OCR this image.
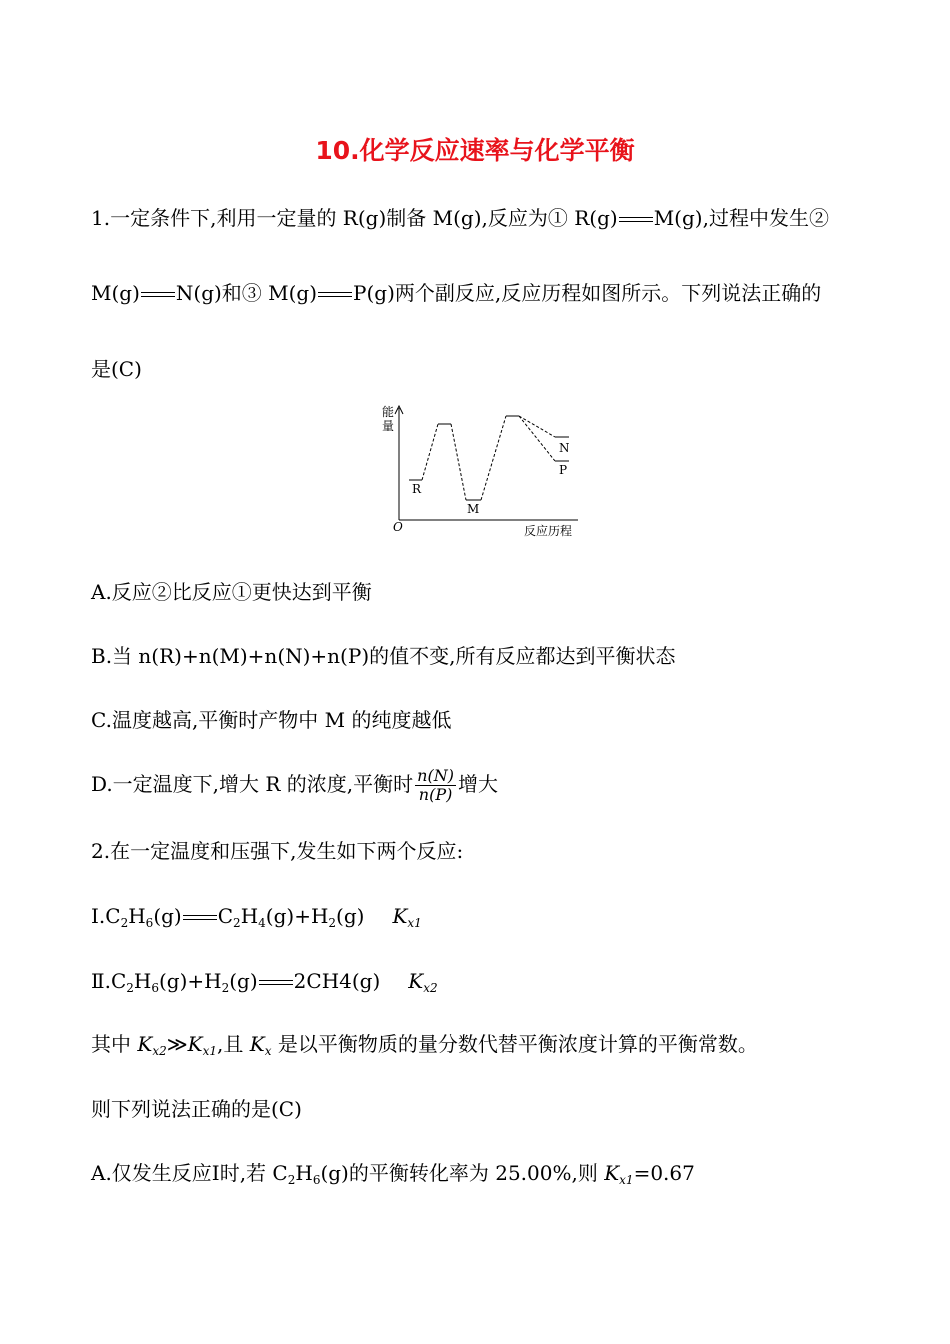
10.化学反应速率与化学平衡
1.一定条件下,利用一定量的 R(g)制备 M(g),反应为① R(g) M(g),过程中发生②
M(g) N(g)和③ M(g) P(g)两个副反应,反应历程如图所示。下列说法正确的
是(C)
能
量
O	反应历程
R
M
N
P
A.反应②比反应①更快达到平衡
B.当 n(R)+n(M)+n(N)+n(P)的值不变,所有反应都达到平衡状态
C.温度越高,平衡时产物中 M 的纯度越低
D.一定温度下,增大 R 的浓度,平衡时 $\frac{n(N)}{n(P)}$ 增大
2.在一定温度和压强下,发生如下两个反应:
$Ⅰ.C_2H_6(g)$ $C_2H_4(g)+H_2(g)$ $K_{x1}$
$Ⅱ.C_2H_6(g)+H_2(g)$ 2CH4(g) $K_{x2}$
其中 $K_{x2}≫K_{x1}$,且 $K_x$ 是以平衡物质的量分数代替平衡浓度计算的平衡常数。
则下列说法正确的是(C)
A.仅发生反应Ⅰ时,若 $C_2H_6(g)$的平衡转化率为 25.00%,则 $K_{x1}=0.67$
